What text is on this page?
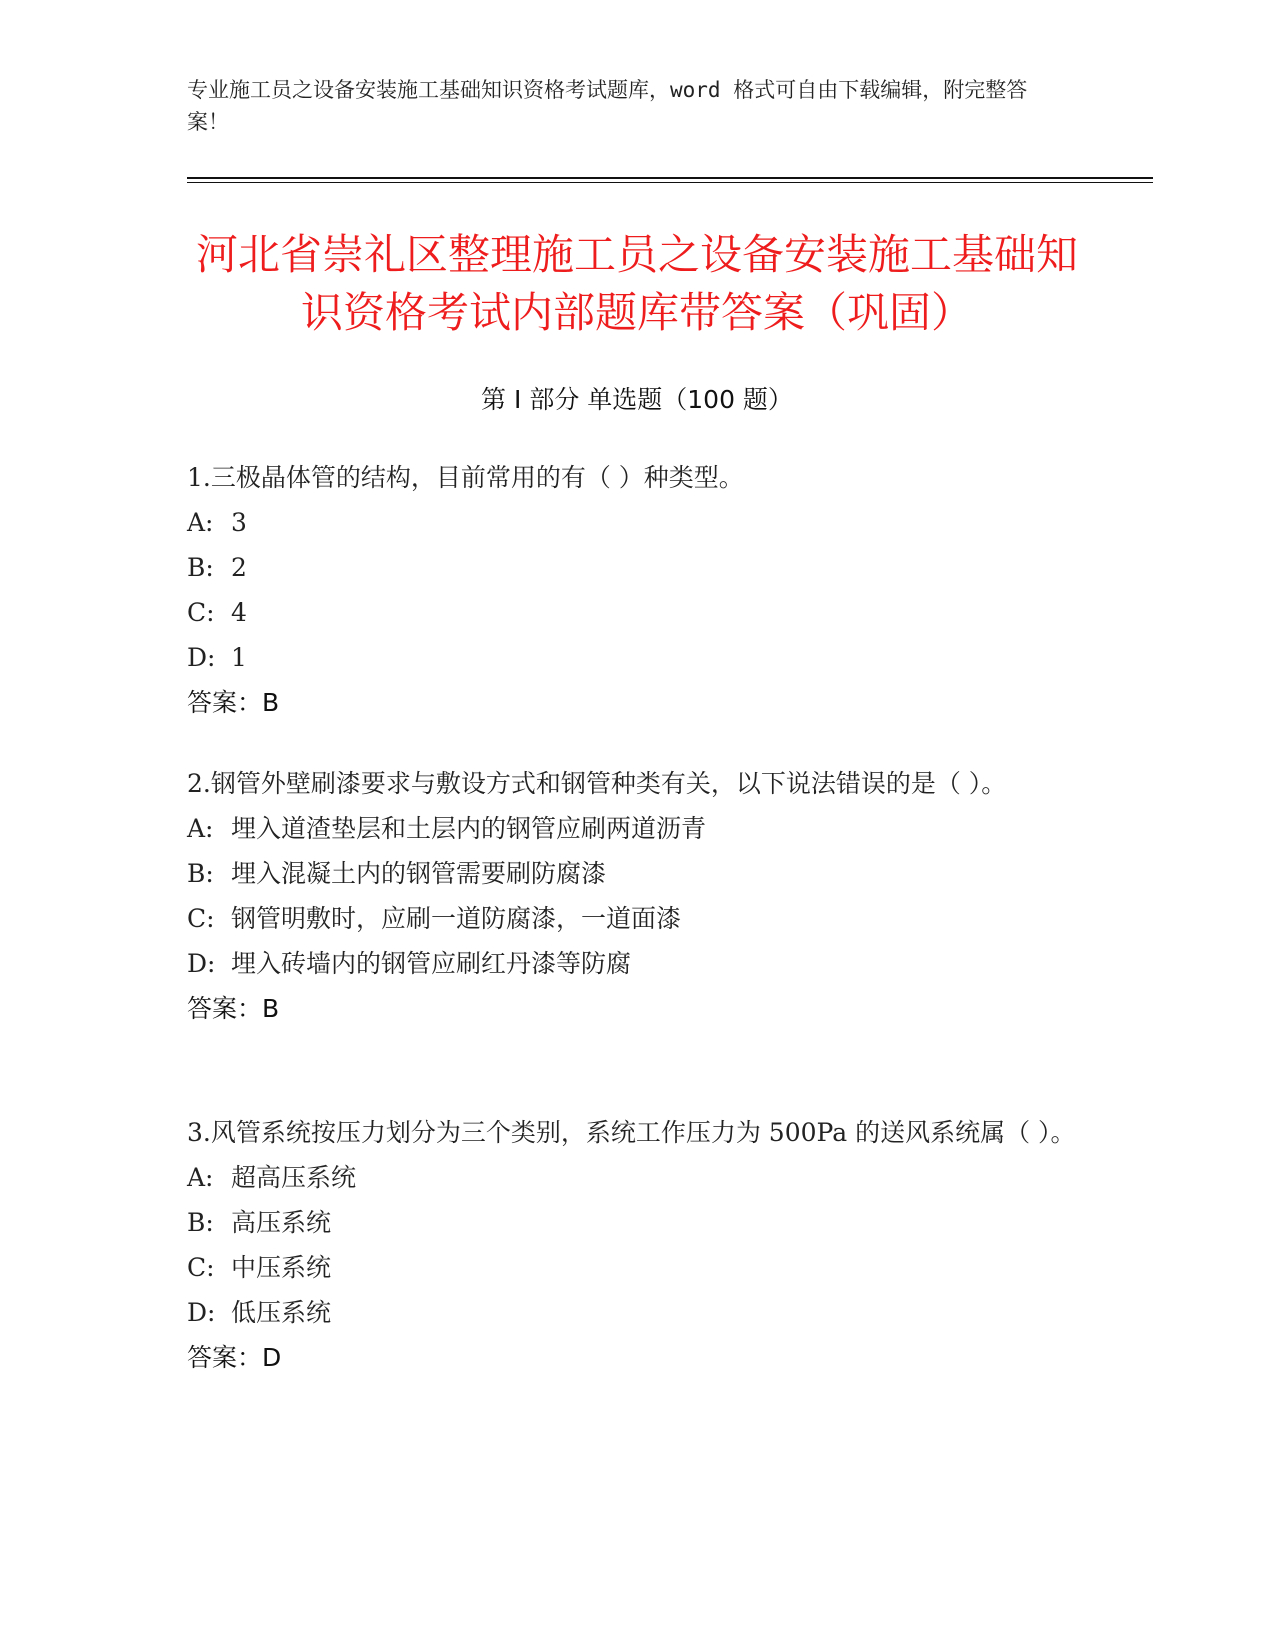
专业施工员之设备安装施工基础知识资格考试题库，word 格式可自由下载编辑，附完整答案！
河北省崇礼区整理施工员之设备安装施工基础知识资格考试内部题库带答案（巩固）
第 I 部分 单选题（100 题）

1.三极晶体管的结构，目前常用的有（ ）种类型。

A: 3

B: 2

C: 4

D: 1

答案：B

2.钢管外壁刷漆要求与敷设方式和钢管种类有关，以下说法错误的是（ ）。

A: 埋入道渣垫层和土层内的钢管应刷两道沥青

B: 埋入混凝土内的钢管需要刷防腐漆

C: 钢管明敷时，应刷一道防腐漆，一道面漆

D: 埋入砖墙内的钢管应刷红丹漆等防腐

答案：B

3.风管系统按压力划分为三个类别，系统工作压力为 500Pa 的送风系统属（ ）。

A: 超高压系统

B: 高压系统

C: 中压系统

D: 低压系统

答案：D
